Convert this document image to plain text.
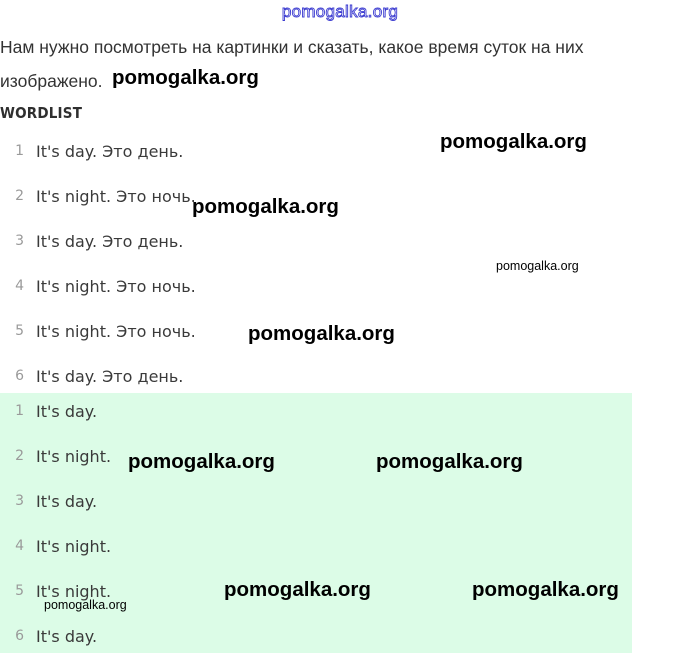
pomogalka.org
Нам нужно посмотреть на картинки и сказать, какое время суток на них изображено.
WORDLIST
1 It's day. Это день.
2 It's night. Это ночь.
3 It's day. Это день.
4 It's night. Это ночь.
5 It's night. Это ночь.
6 It's day. Это день.
1 It's day.
2 It's night.
3 It's day.
4 It's night.
5 It's night.
6 It's day.
pomogalka.org
pomogalka.org
pomogalka.org
pomogalka.org
pomogalka.org
pomogalka.org	pomogalka.org
pomogalka.org	pomogalka.org
pomogalka.org
